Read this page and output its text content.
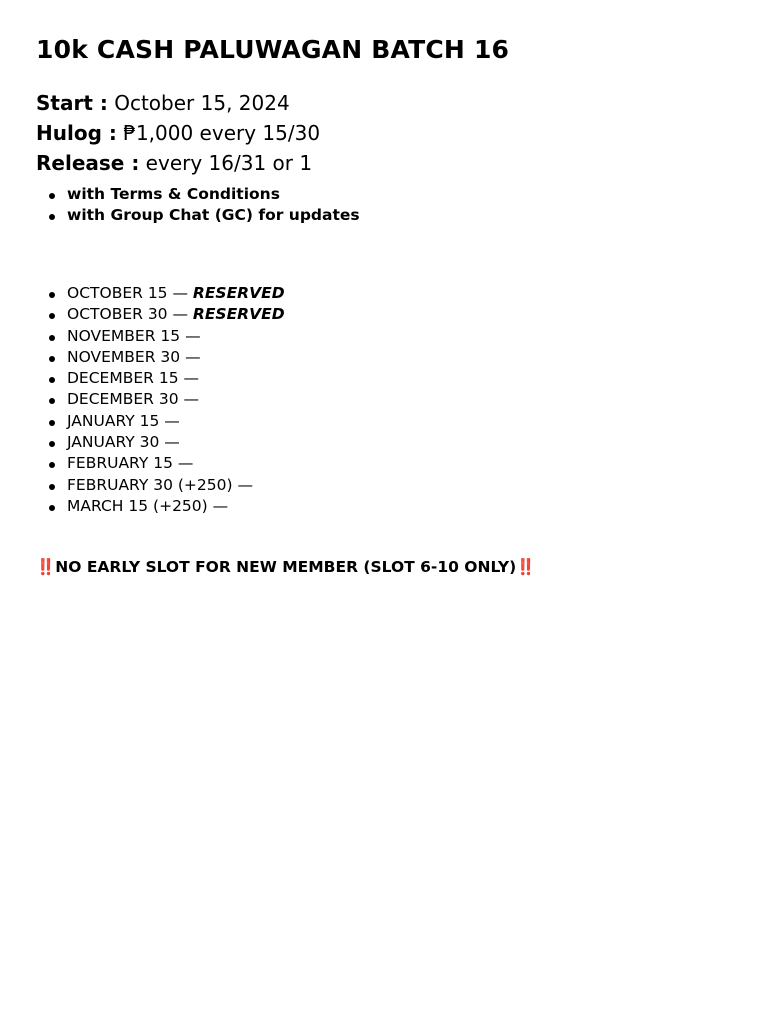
10k CASH PALUWAGAN BATCH 16
Start : October 15, 2024
Hulog : ₱1,000 every 15/30
Release : every 16/31 or 1
with Terms & Conditions
with Group Chat (GC) for updates
OCTOBER 15 — RESERVED
OCTOBER 30 — RESERVED
NOVEMBER 15 —
NOVEMBER 30 —
DECEMBER 15 —
DECEMBER 30 —
JANUARY 15 —
JANUARY 30 —
FEBRUARY 15 —
FEBRUARY 30 (+250) —
MARCH 15 (+250) —
‼️NO EARLY SLOT FOR NEW MEMBER (SLOT 6-10 ONLY)‼️
